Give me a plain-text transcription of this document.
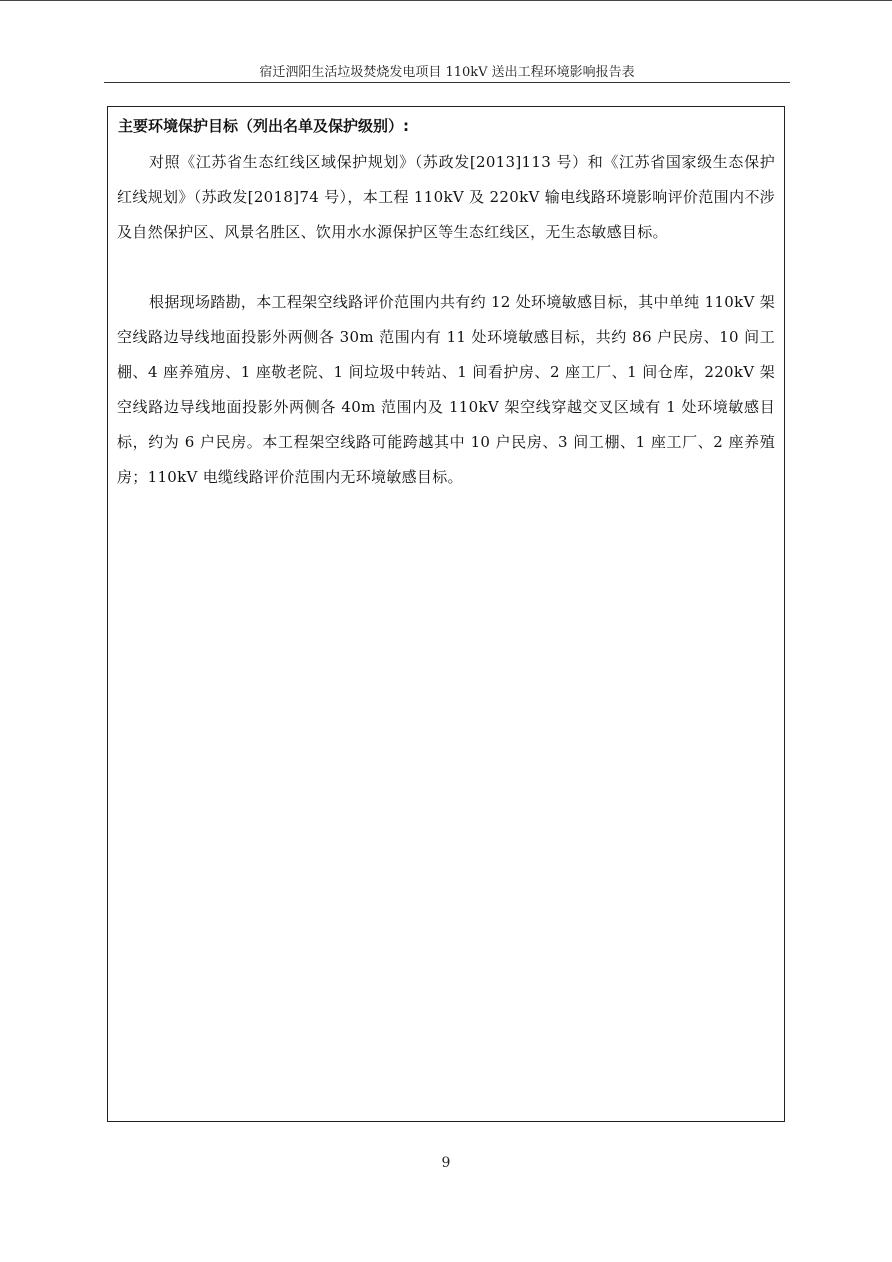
宿迁泗阳生活垃圾焚烧发电项目 110kV 送出工程环境影响报告表
主要环境保护目标（列出名单及保护级别）:

对照《江苏省生态红线区域保护规划》（苏政发[2013]113 号）和《江苏省国家级生态保护红线规划》（苏政发[2018]74 号），本工程 110kV 及 220kV 输电线路环境影响评价范围内不涉及自然保护区、风景名胜区、饮用水水源保护区等生态红线区，无生态敏感目标。

根据现场踏勘，本工程架空线路评价范围内共有约 12 处环境敏感目标，其中单纯 110kV 架空线路边导线地面投影外两侧各 30m 范围内有 11 处环境敏感目标，共约 86 户民房、10 间工棚、4 座养殖房、1 座敬老院、1 间垃圾中转站、1 间看护房、2 座工厂、1 间仓库，220kV 架空线路边导线地面投影外两侧各 40m 范围内及 110kV 架空线穿越交叉区域有 1 处环境敏感目标，约为 6 户民房。本工程架空线路可能跨越其中 10 户民房、3 间工棚、1 座工厂、2 座养殖房；110kV 电缆线路评价范围内无环境敏感目标。

9
